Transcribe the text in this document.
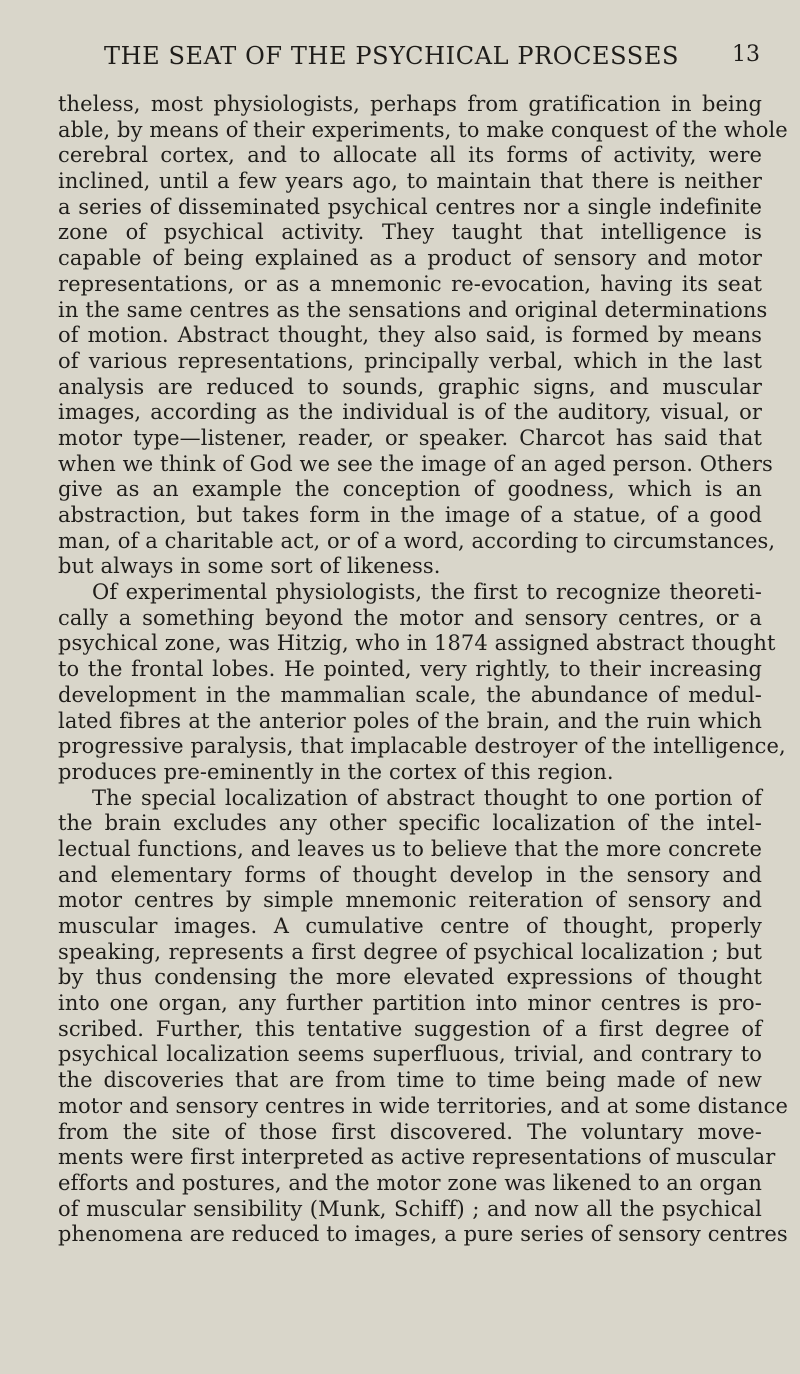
THE SEAT OF THE PSYCHICAL PROCESSES 13
theless, most physiologists, perhaps from gratification in being
able, by means of their experiments, to make conquest of the whole
cerebral cortex, and to allocate all its forms of activity, were
inclined, until a few years ago, to maintain that there is neither
a series of disseminated psychical centres nor a single indefinite
zone of psychical activity. They taught that intelligence is
capable of being explained as a product of sensory and motor
representations, or as a mnemonic re-evocation, having its seat
in the same centres as the sensations and original determinations
of motion. Abstract thought, they also said, is formed by means
of various representations, principally verbal, which in the last
analysis are reduced to sounds, graphic signs, and muscular
images, according as the individual is of the auditory, visual, or
motor type—listener, reader, or speaker. Charcot has said that
when we think of God we see the image of an aged person. Others
give as an example the conception of goodness, which is an
abstraction, but takes form in the image of a statue, of a good
man, of a charitable act, or of a word, according to circumstances,
but always in some sort of likeness.
Of experimental physiologists, the first to recognize theoreti-
cally a something beyond the motor and sensory centres, or a
psychical zone, was Hitzig, who in 1874 assigned abstract thought
to the frontal lobes. He pointed, very rightly, to their increasing
development in the mammalian scale, the abundance of medul-
lated fibres at the anterior poles of the brain, and the ruin which
progressive paralysis, that implacable destroyer of the intelligence,
produces pre-eminently in the cortex of this region.
The special localization of abstract thought to one portion of
the brain excludes any other specific localization of the intel-
lectual functions, and leaves us to believe that the more concrete
and elementary forms of thought develop in the sensory and
motor centres by simple mnemonic reiteration of sensory and
muscular images. A cumulative centre of thought, properly
speaking, represents a first degree of psychical localization ; but
by thus condensing the more elevated expressions of thought
into one organ, any further partition into minor centres is pro-
scribed. Further, this tentative suggestion of a first degree of
psychical localization seems superfluous, trivial, and contrary to
the discoveries that are from time to time being made of new
motor and sensory centres in wide territories, and at some distance
from the site of those first discovered. The voluntary move-
ments were first interpreted as active representations of muscular
efforts and postures, and the motor zone was likened to an organ
of muscular sensibility (Munk, Schiff) ; and now all the psychical
phenomena are reduced to images, a pure series of sensory centres
